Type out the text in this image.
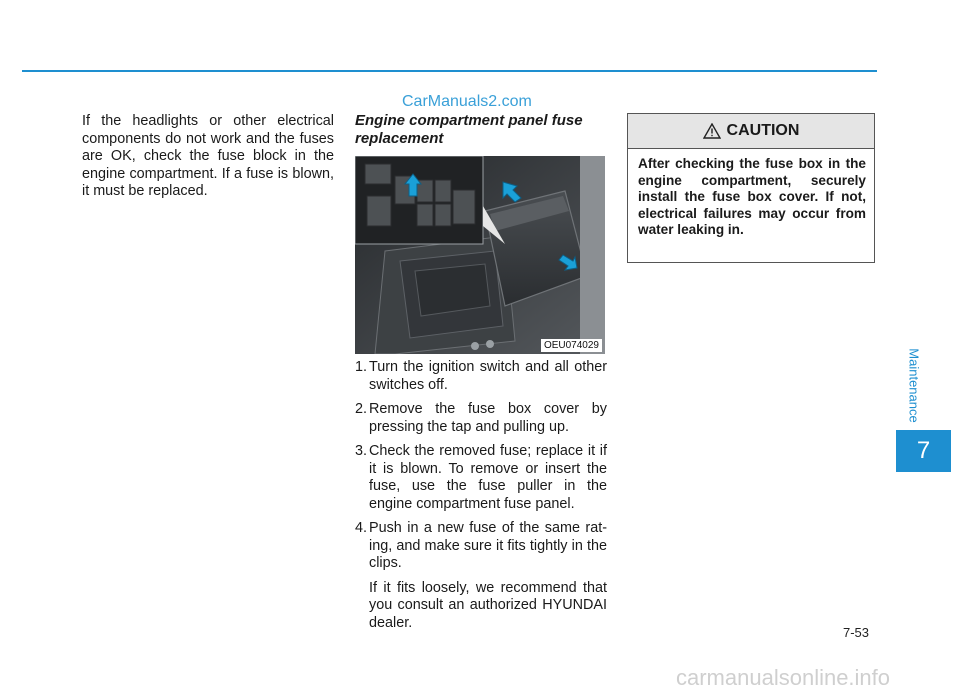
CarManuals2.com
If the headlights or other electrical components do not work and the fuses are OK, check the fuse block in the engine compartment. If a fuse is blown, it must be replaced.
Engine compartment panel fuse replacement
OEU074029
1. Turn the ignition switch and all other switches off.
2. Remove the fuse box cover by pressing the tap and pulling up.
3. Check the removed fuse; replace it if it is blown. To remove or insert the fuse, use the fuse puller in the engine compartment fuse panel.
4. Push in a new fuse of the same rat-ing, and make sure it fits tightly in the clips.
If it fits loosely, we recommend that you consult an authorized HYUNDAI dealer.
CAUTION
After checking the fuse box in the engine compartment, securely install the fuse box cover. If not, electrical failures may occur from water leaking in.
Maintenance
7
7-53
carmanualsonline.info
